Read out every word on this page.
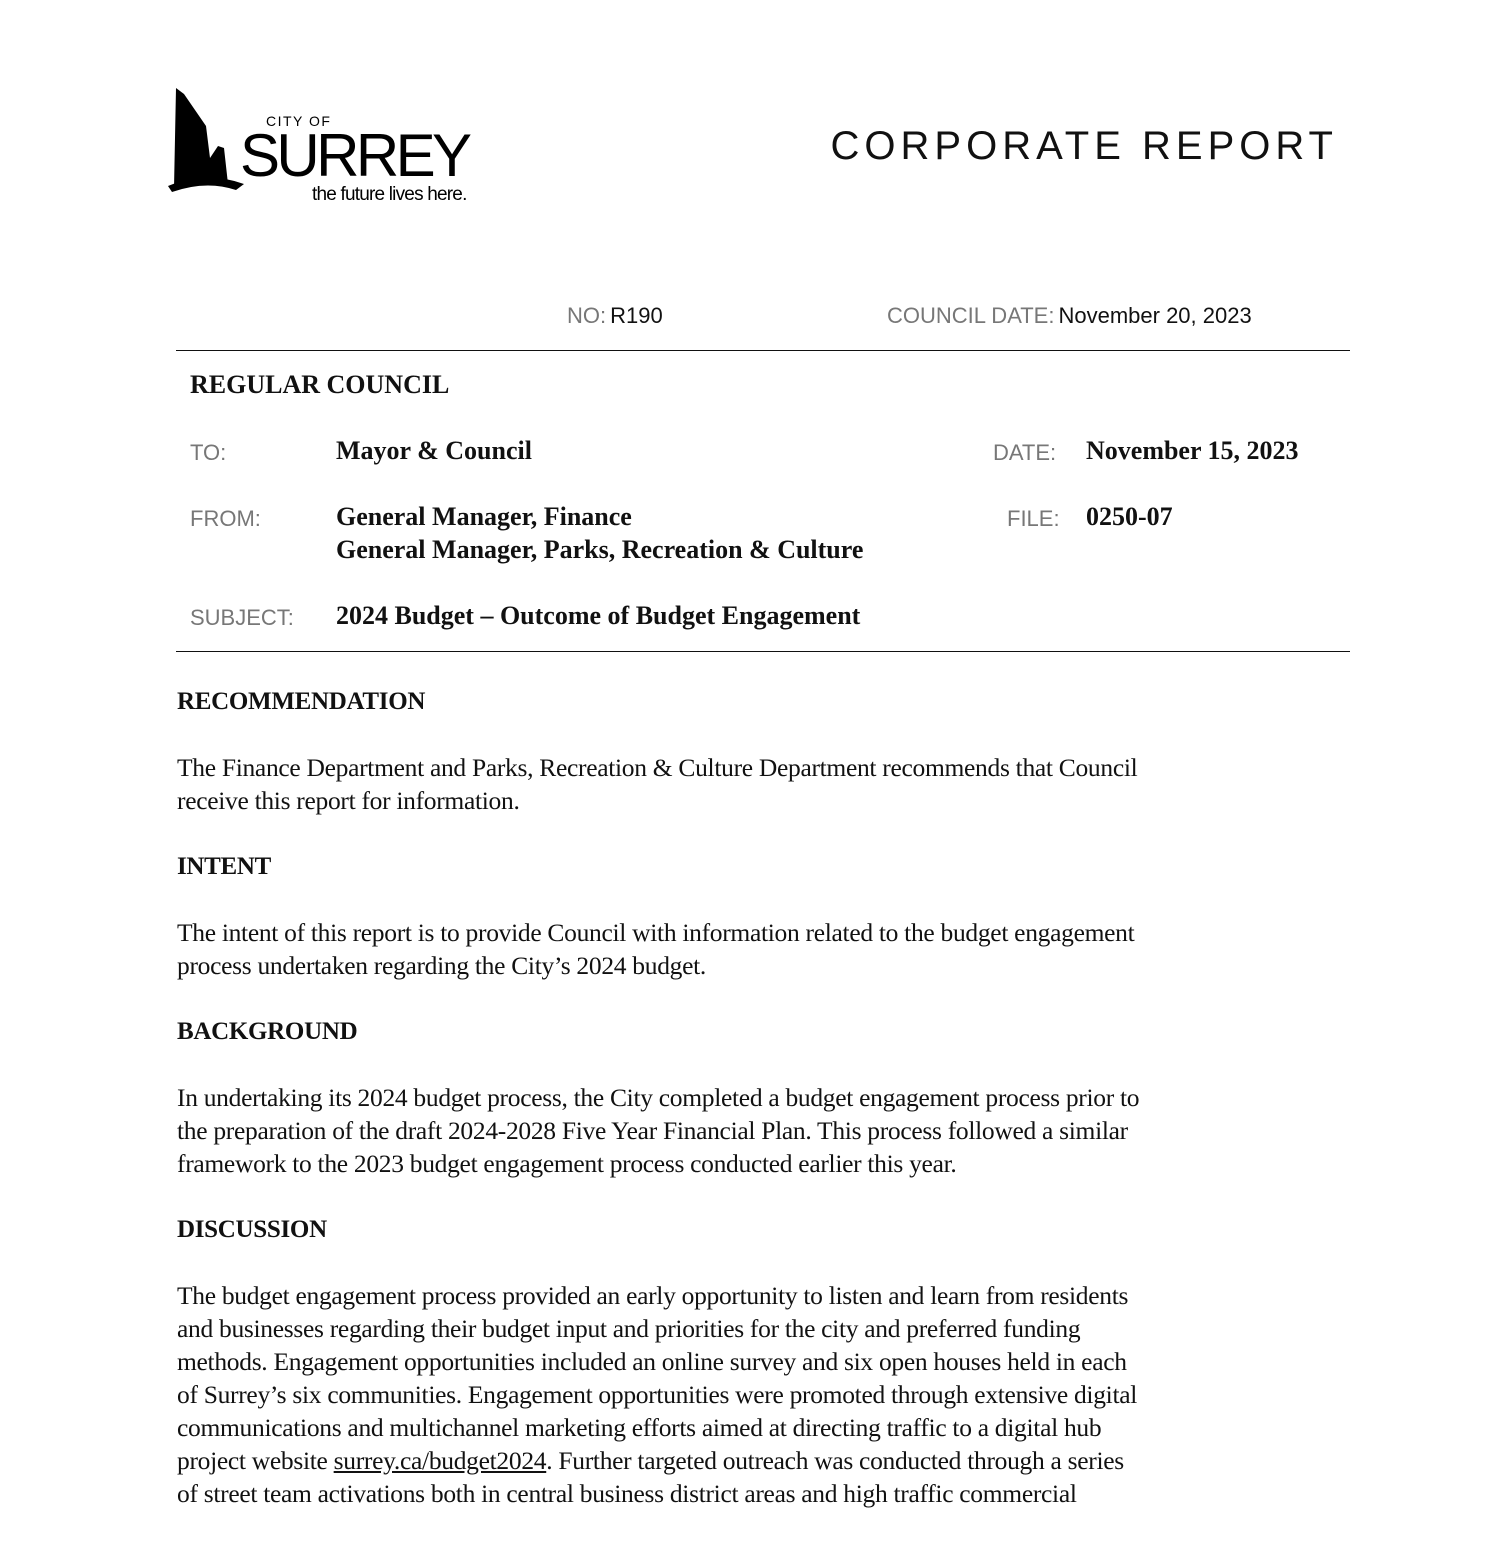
CITY OF
SURREY
the future lives here.
CORPORATE REPORT
NO: R190	COUNCIL DATE: November 20, 2023
REGULAR COUNCIL
TO:	Mayor & Council	DATE: November 15, 2023
FROM:	General Manager, Finance
General Manager, Parks, Recreation & Culture
FILE: 0250-07
SUBJECT: 2024 Budget – Outcome of Budget Engagement
RECOMMENDATION

The Finance Department and Parks, Recreation & Culture Department recommends that Council
receive this report for information.

INTENT

The intent of this report is to provide Council with information related to the budget engagement
process undertaken regarding the City’s 2024 budget.

BACKGROUND

In undertaking its 2024 budget process, the City completed a budget engagement process prior to
the preparation of the draft 2024-2028 Five Year Financial Plan. This process followed a similar
framework to the 2023 budget engagement process conducted earlier this year.

DISCUSSION

The budget engagement process provided an early opportunity to listen and learn from residents
and businesses regarding their budget input and priorities for the city and preferred funding
methods. Engagement opportunities included an online survey and six open houses held in each
of Surrey’s six communities. Engagement opportunities were promoted through extensive digital
communications and multichannel marketing efforts aimed at directing traffic to a digital hub
project website surrey.ca/budget2024. Further targeted outreach was conducted through a series
of street team activations both in central business district areas and high traffic commercial
